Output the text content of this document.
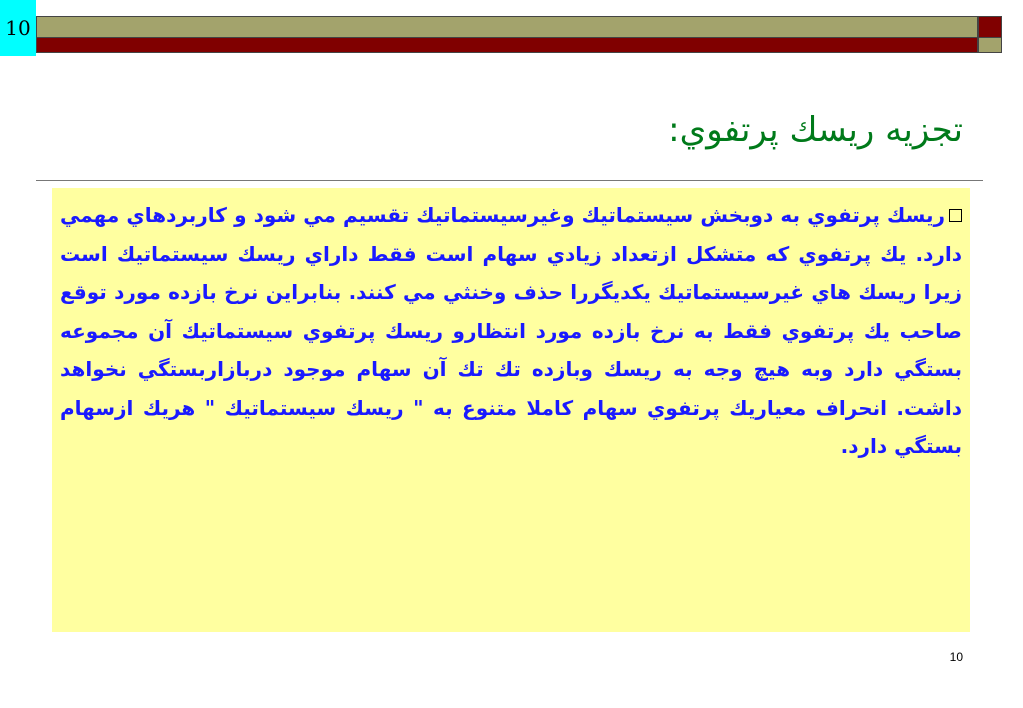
10
تجزيه ريسك پرتفوي:
ريسك پرتفوي به دوبخش سيستماتيك وغيرسيستماتيك تقسيم مي شود و كاربردهاي مهمي دارد. يك پرتفوي كه متشكل ازتعداد زيادي سهام است فقط داراي ريسك سيستماتيك است زيرا ريسك هاي غيرسيستماتيك يكديگررا حذف وخنثي مي كنند. بنابراين نرخ بازده مورد توقع صاحب يك پرتفوي فقط به نرخ بازده مورد انتظارو ريسك پرتفوي سيستماتيك آن مجموعه بستگي دارد وبه هيچ وجه به ريسك وبازده تك تك آن سهام موجود دربازاربستگي نخواهد داشت. انحراف معياريك پرتفوي سهام كاملا متنوع به " ريسك سيستماتيك " هريك ازسهام بستگي دارد.
10
